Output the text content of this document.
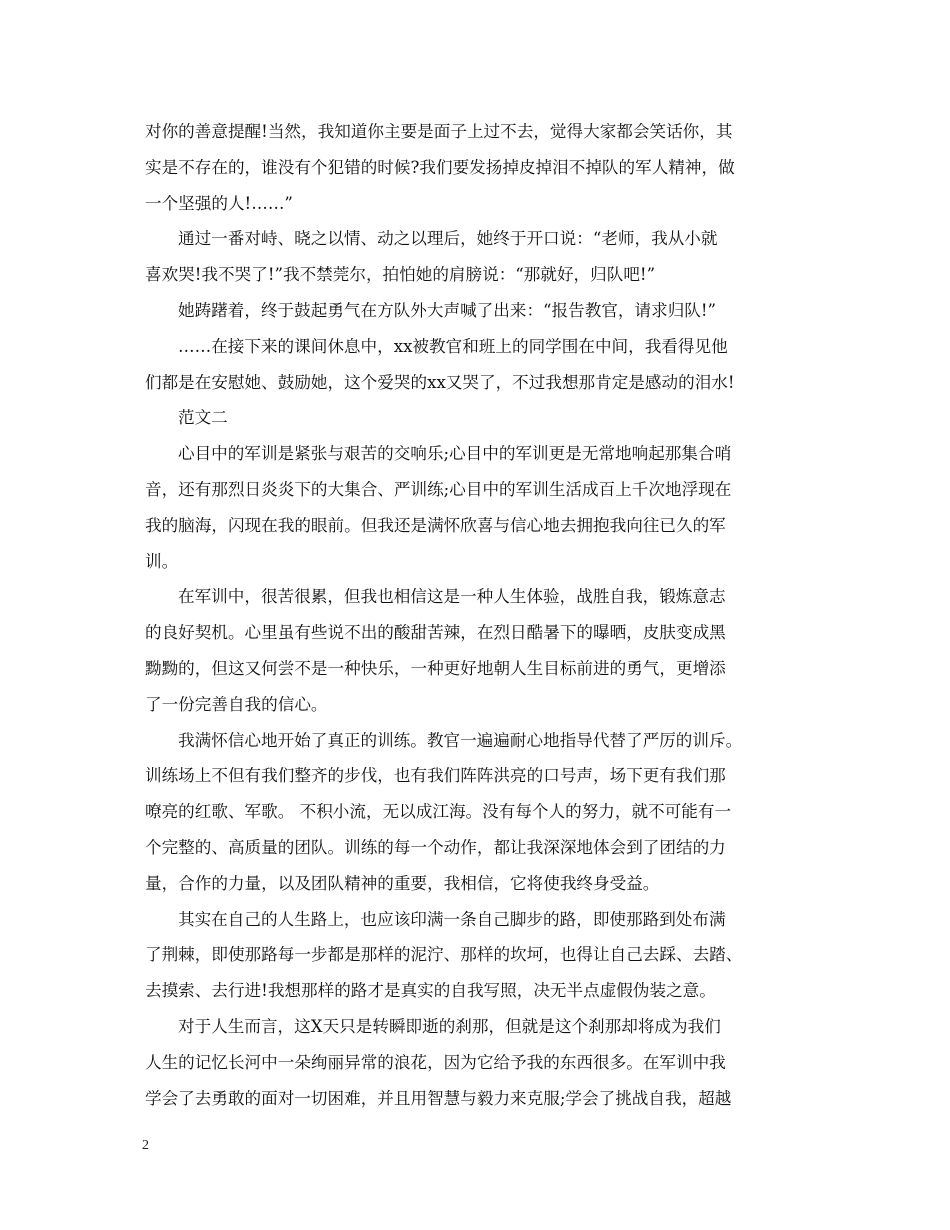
对你的善意提醒!当然，我知道你主要是面子上过不去，觉得大家都会笑话你，其
实是不存在的，谁没有个犯错的时候?我们要发扬掉皮掉泪不掉队的军人精神，做
一个坚强的人!……”
通过一番对峙、晓之以情、动之以理后，她终于开口说：“老师，我从小就
喜欢哭!我不哭了!”我不禁莞尔，拍怕她的肩膀说：“那就好，归队吧!”
她踌躇着，终于鼓起勇气在方队外大声喊了出来：“报告教官，请求归队!”
……在接下来的课间休息中，xx被教官和班上的同学围在中间，我看得见他
们都是在安慰她、鼓励她，这个爱哭的xx又哭了，不过我想那肯定是感动的泪水!
范文二
心目中的军训是紧张与艰苦的交响乐;心目中的军训更是无常地响起那集合哨
音，还有那烈日炎炎下的大集合、严训练;心目中的军训生活成百上千次地浮现在
我的脑海，闪现在我的眼前。但我还是满怀欣喜与信心地去拥抱我向往已久的军
训。
在军训中，很苦很累，但我也相信这是一种人生体验，战胜自我，锻炼意志
的良好契机。心里虽有些说不出的酸甜苦辣，在烈日酷暑下的曝晒，皮肤变成黑
黝黝的，但这又何尝不是一种快乐，一种更好地朝人生目标前进的勇气，更增添
了一份完善自我的信心。
我满怀信心地开始了真正的训练。教官一遍遍耐心地指导代替了严厉的训斥。
训练场上不但有我们整齐的步伐，也有我们阵阵洪亮的口号声，场下更有我们那
嘹亮的红歌、军歌。 不积小流，无以成江海。没有每个人的努力，就不可能有一
个完整的、高质量的团队。训练的每一个动作，都让我深深地体会到了团结的力
量，合作的力量，以及团队精神的重要，我相信，它将使我终身受益。
其实在自己的人生路上，也应该印满一条自己脚步的路，即使那路到处布满
了荆棘，即使那路每一步都是那样的泥泞、那样的坎坷，也得让自己去踩、去踏、
去摸索、去行进!我想那样的路才是真实的自我写照，决无半点虚假伪装之意。
对于人生而言，这X天只是转瞬即逝的刹那，但就是这个刹那却将成为我们
人生的记忆长河中一朵绚丽异常的浪花，因为它给予我的东西很多。在军训中我
学会了去勇敢的面对一切困难，并且用智慧与毅力来克服;学会了挑战自我，超越
2
